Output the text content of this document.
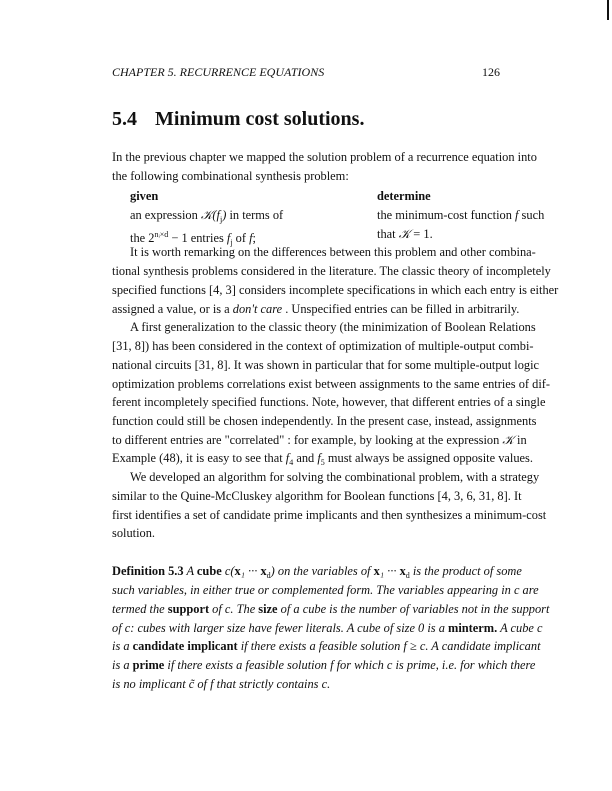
CHAPTER 5. RECURRENCE EQUATIONS	126
5.4 Minimum cost solutions.
In the previous chapter we mapped the solution problem of a recurrence equation into
the following combinational synthesis problem:
given	determine
an expression $𝒦(f_j)$ in terms of
the $2^{nᵢ\times d} - 1$ entries $f_j$ of f;
the minimum-cost function f such
that 𝒦 = 1.
It is worth remarking on the differences between this problem and other combina-
tional synthesis problems considered in the literature. The classic theory of incompletely
specified functions [4, 3] considers incomplete specifications in which each entry is either
assigned a value, or is a don't care . Unspecified entries can be filled in arbitrarily.
A first generalization to the classic theory (the minimization of Boolean Relations
[31, 8]) has been considered in the context of optimization of multiple-output combi-
national circuits [31, 8]. It was shown in particular that for some multiple-output logic
optimization problems correlations exist between assignments to the same entries of dif-
ferent incompletely specified functions. Note, however, that different entries of a single
function could still be chosen independently. In the present case, instead, assignments
to different entries are "correlated" : for example, by looking at the expression 𝒦 in
Example (48), it is easy to see that $f_4$ and $f_5$ must always be assigned opposite values.
We developed an algorithm for solving the combinational problem, with a strategy
similar to the Quine-McCluskey algorithm for Boolean functions [4, 3, 6, 31, 8]. It
first identifies a set of candidate prime implicants and then synthesizes a minimum-cost
solution.
Definition 5.3 A cube c(x₁ ··· $x_d$) on the variables of x₁ ··· $x_d$ is the product of some
such variables, in either true or complemented form. The variables appearing in c are
termed the support of c. The size of a cube is the number of variables not in the support
of c: cubes with larger size have fewer literals. A cube of size 0 is a minterm. A cube c
is a candidate implicant if there exists a feasible solution f ≥ c. A candidate implicant
is a prime if there exists a feasible solution f for which c is prime, i.e. for which there
is no implicant c̃ of f that strictly contains c.
